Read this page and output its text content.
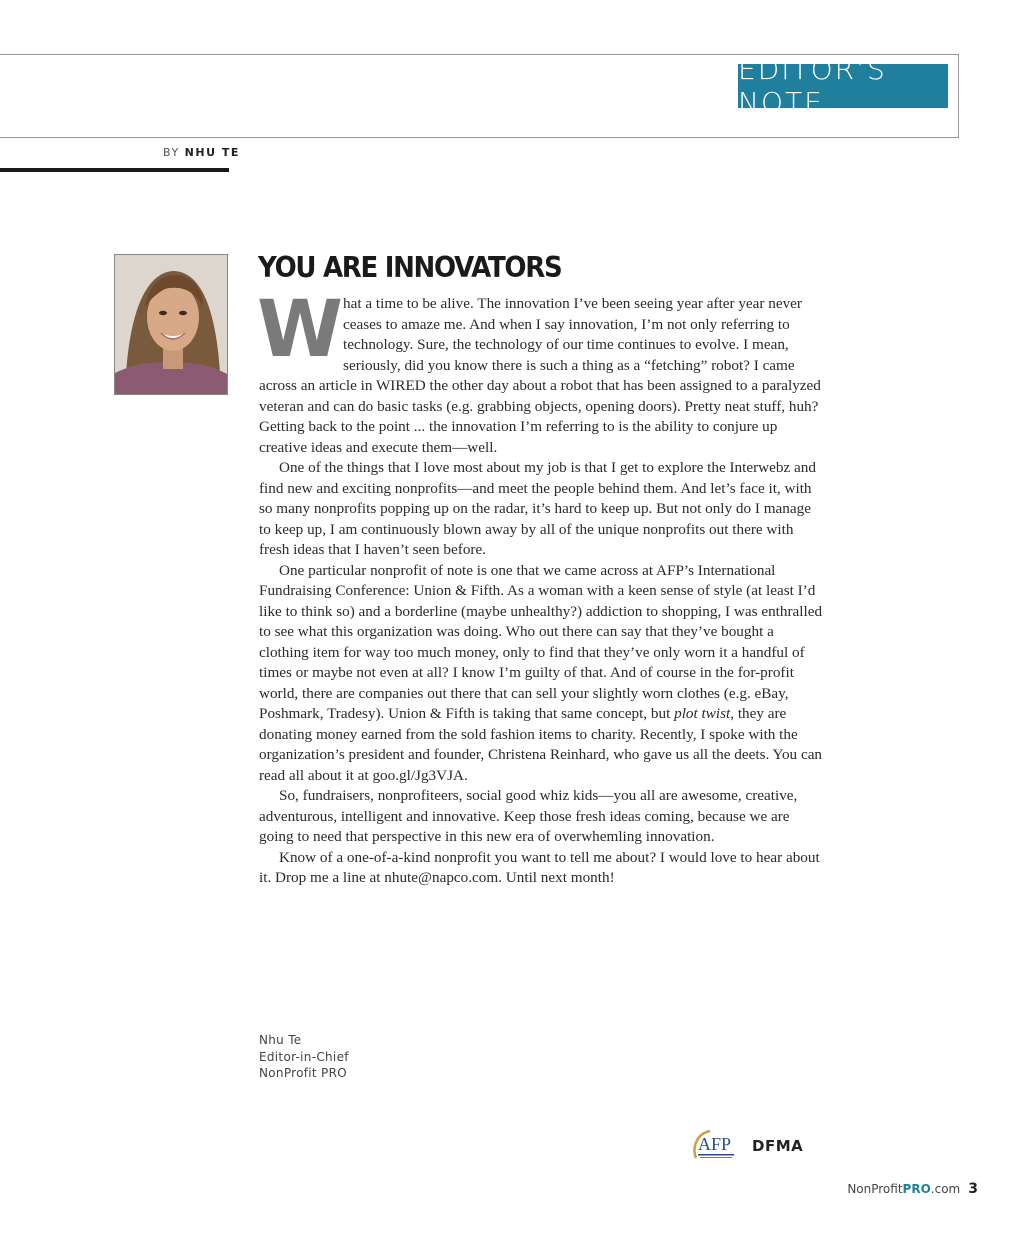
EDITOR’S NOTE
BY NHU TE
YOU ARE INNOVATORS

What a time to be alive. The innovation I’ve been seeing year after year never ceases to amaze me. And when I say innovation, I’m not only referring to technology. Sure, the technology of our time continues to evolve. I mean, seriously, did you know there is such a thing as a “fetching” robot? I came across an article in WIRED the other day about a robot that has been assigned to a paralyzed veteran and can do basic tasks (e.g. grabbing objects, opening doors). Pretty neat stuff, huh? Getting back to the point ... the innovation I’m referring to is the ability to conjure up creative ideas and execute them—well.

One of the things that I love most about my job is that I get to explore the Interwebz and find new and exciting nonprofits—and meet the people behind them. And let’s face it, with so many nonprofits popping up on the radar, it’s hard to keep up. But not only do I manage to keep up, I am continuously blown away by all of the unique nonprofits out there with fresh ideas that I haven’t seen before.

One particular nonprofit of note is one that we came across at AFP’s International Fundraising Conference: Union & Fifth. As a woman with a keen sense of style (at least I’d like to think so) and a borderline (maybe unhealthy?) addiction to shopping, I was enthralled to see what this organization was doing. Who out there can say that they’ve bought a clothing item for way too much money, only to find that they’ve only worn it a handful of times or maybe not even at all? I know I’m guilty of that. And of course in the for-profit world, there are companies out there that can sell your slightly worn clothes (e.g. eBay, Poshmark, Tradesy). Union & Fifth is taking that same concept, but plot twist, they are donating money earned from the sold fashion items to charity. Recently, I spoke with the organization’s president and founder, Christena Reinhard, who gave us all the deets. You can read all about it at goo.gl/Jg3VJA.

So, fundraisers, nonprofiteers, social good whiz kids—you all are awesome, creative, adventurous, intelligent and innovative. Keep those fresh ideas coming, because we are going to need that perspective in this new era of overwhemling innovation.

Know of a one-of-a-kind nonprofit you want to tell me about? I would love to hear about it. Drop me a line at nhute@napco.com. Until next month!

Nhu Te
Editor-in-Chief
NonProfit PRO
AFP DFMA
NonProfitPRO.com 3
